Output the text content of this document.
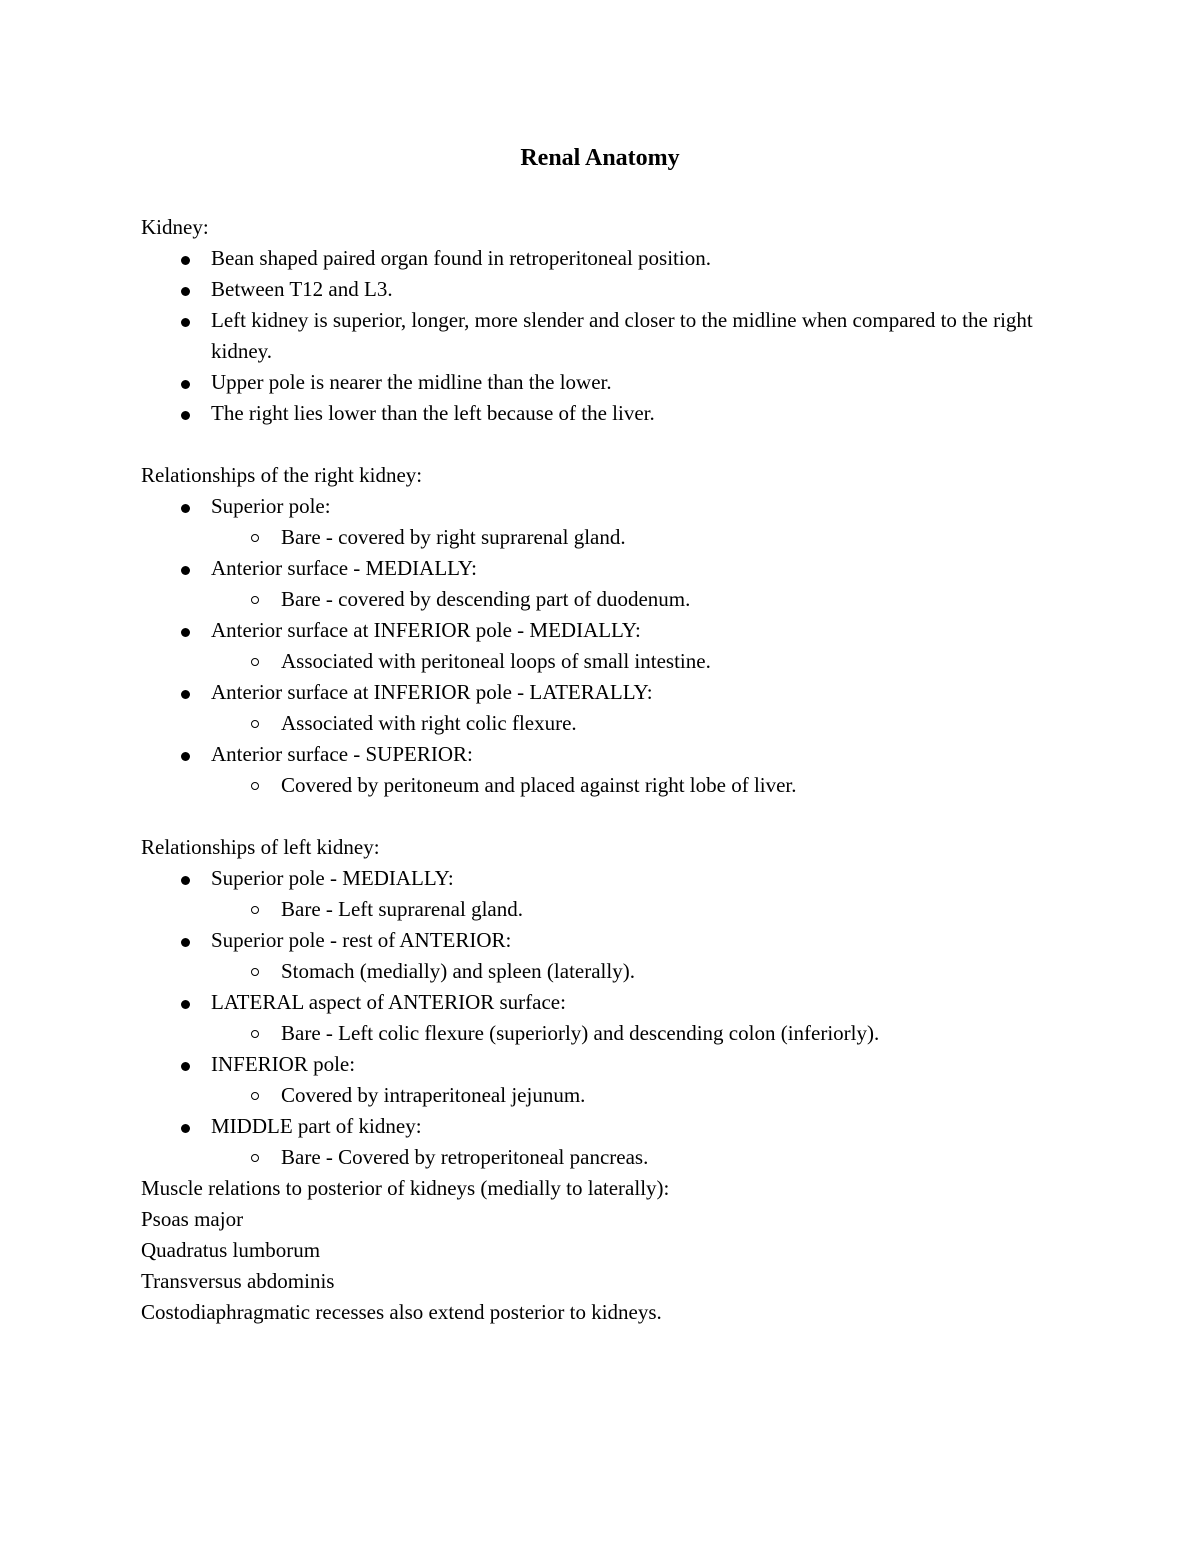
Renal Anatomy

Kidney:

Bean shaped paired organ found in retroperitoneal position.
Between T12 and L3.
Left kidney is superior, longer, more slender and closer to the midline when compared to the right kidney.
Upper pole is nearer the midline than the lower.
The right lies lower than the left because of the liver.

Relationships of the right kidney:

Superior pole:
Bare - covered by right suprarenal gland.
Anterior surface - MEDIALLY:
Bare - covered by descending part of duodenum.
Anterior surface at INFERIOR pole - MEDIALLY:
Associated with peritoneal loops of small intestine.
Anterior surface at INFERIOR pole - LATERALLY:
Associated with right colic flexure.
Anterior surface - SUPERIOR:
Covered by peritoneum and placed against right lobe of liver.

Relationships of left kidney:

Superior pole - MEDIALLY:
Bare - Left suprarenal gland.
Superior pole - rest of ANTERIOR:
Stomach (medially) and spleen (laterally).
LATERAL aspect of ANTERIOR surface:
Bare - Left colic flexure (superiorly) and descending colon (inferiorly).
INFERIOR pole:
Covered by intraperitoneal jejunum.
MIDDLE part of kidney:
Bare - Covered by retroperitoneal pancreas.

Muscle relations to posterior of kidneys (medially to laterally):

Psoas major

Quadratus lumborum

Transversus abdominis

Costodiaphragmatic recesses also extend posterior to kidneys.
